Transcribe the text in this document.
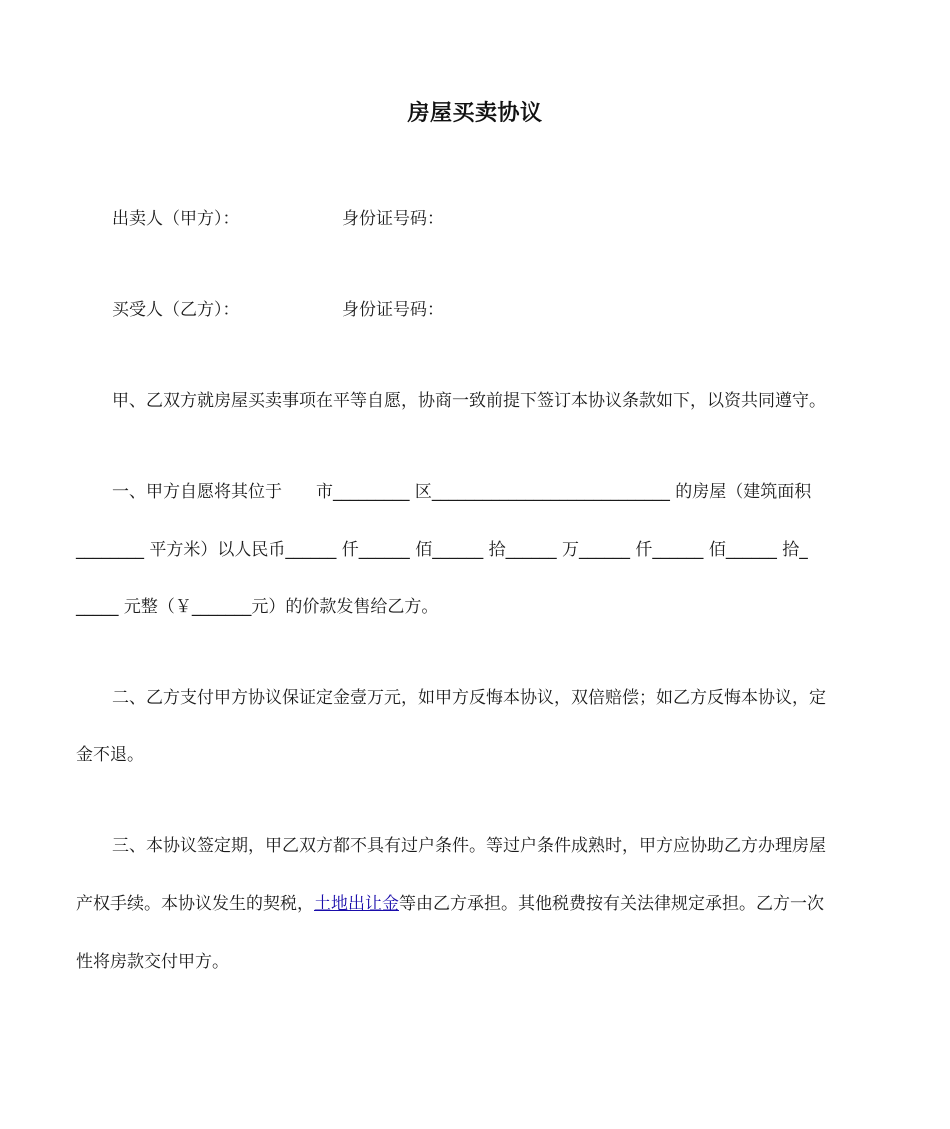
房屋买卖协议
出卖人（甲方）：	身份证号码：
买受人（乙方）：	身份证号码：
甲、乙双方就房屋买卖事项在平等自愿，协商一致前提下签订本协议条款如下，以资共同遵守。
一、甲方自愿将其位于　　市_________ 区____________________________ 的房屋（建筑面积
________ 平方米）以人民币______ 仟______ 佰______ 拾______ 万______ 仟______ 佰______ 拾_
_____ 元整（￥_______元）的价款发售给乙方。
二、乙方支付甲方协议保证定金壹万元，如甲方反悔本协议，双倍赔偿；如乙方反悔本协议，定
金不退。
三、本协议签定期，甲乙双方都不具有过户条件。等过户条件成熟时，甲方应协助乙方办理房屋
产权手续。本协议发生的契税，土地出让金等由乙方承担。其他税费按有关法律规定承担。乙方一次
性将房款交付甲方。
